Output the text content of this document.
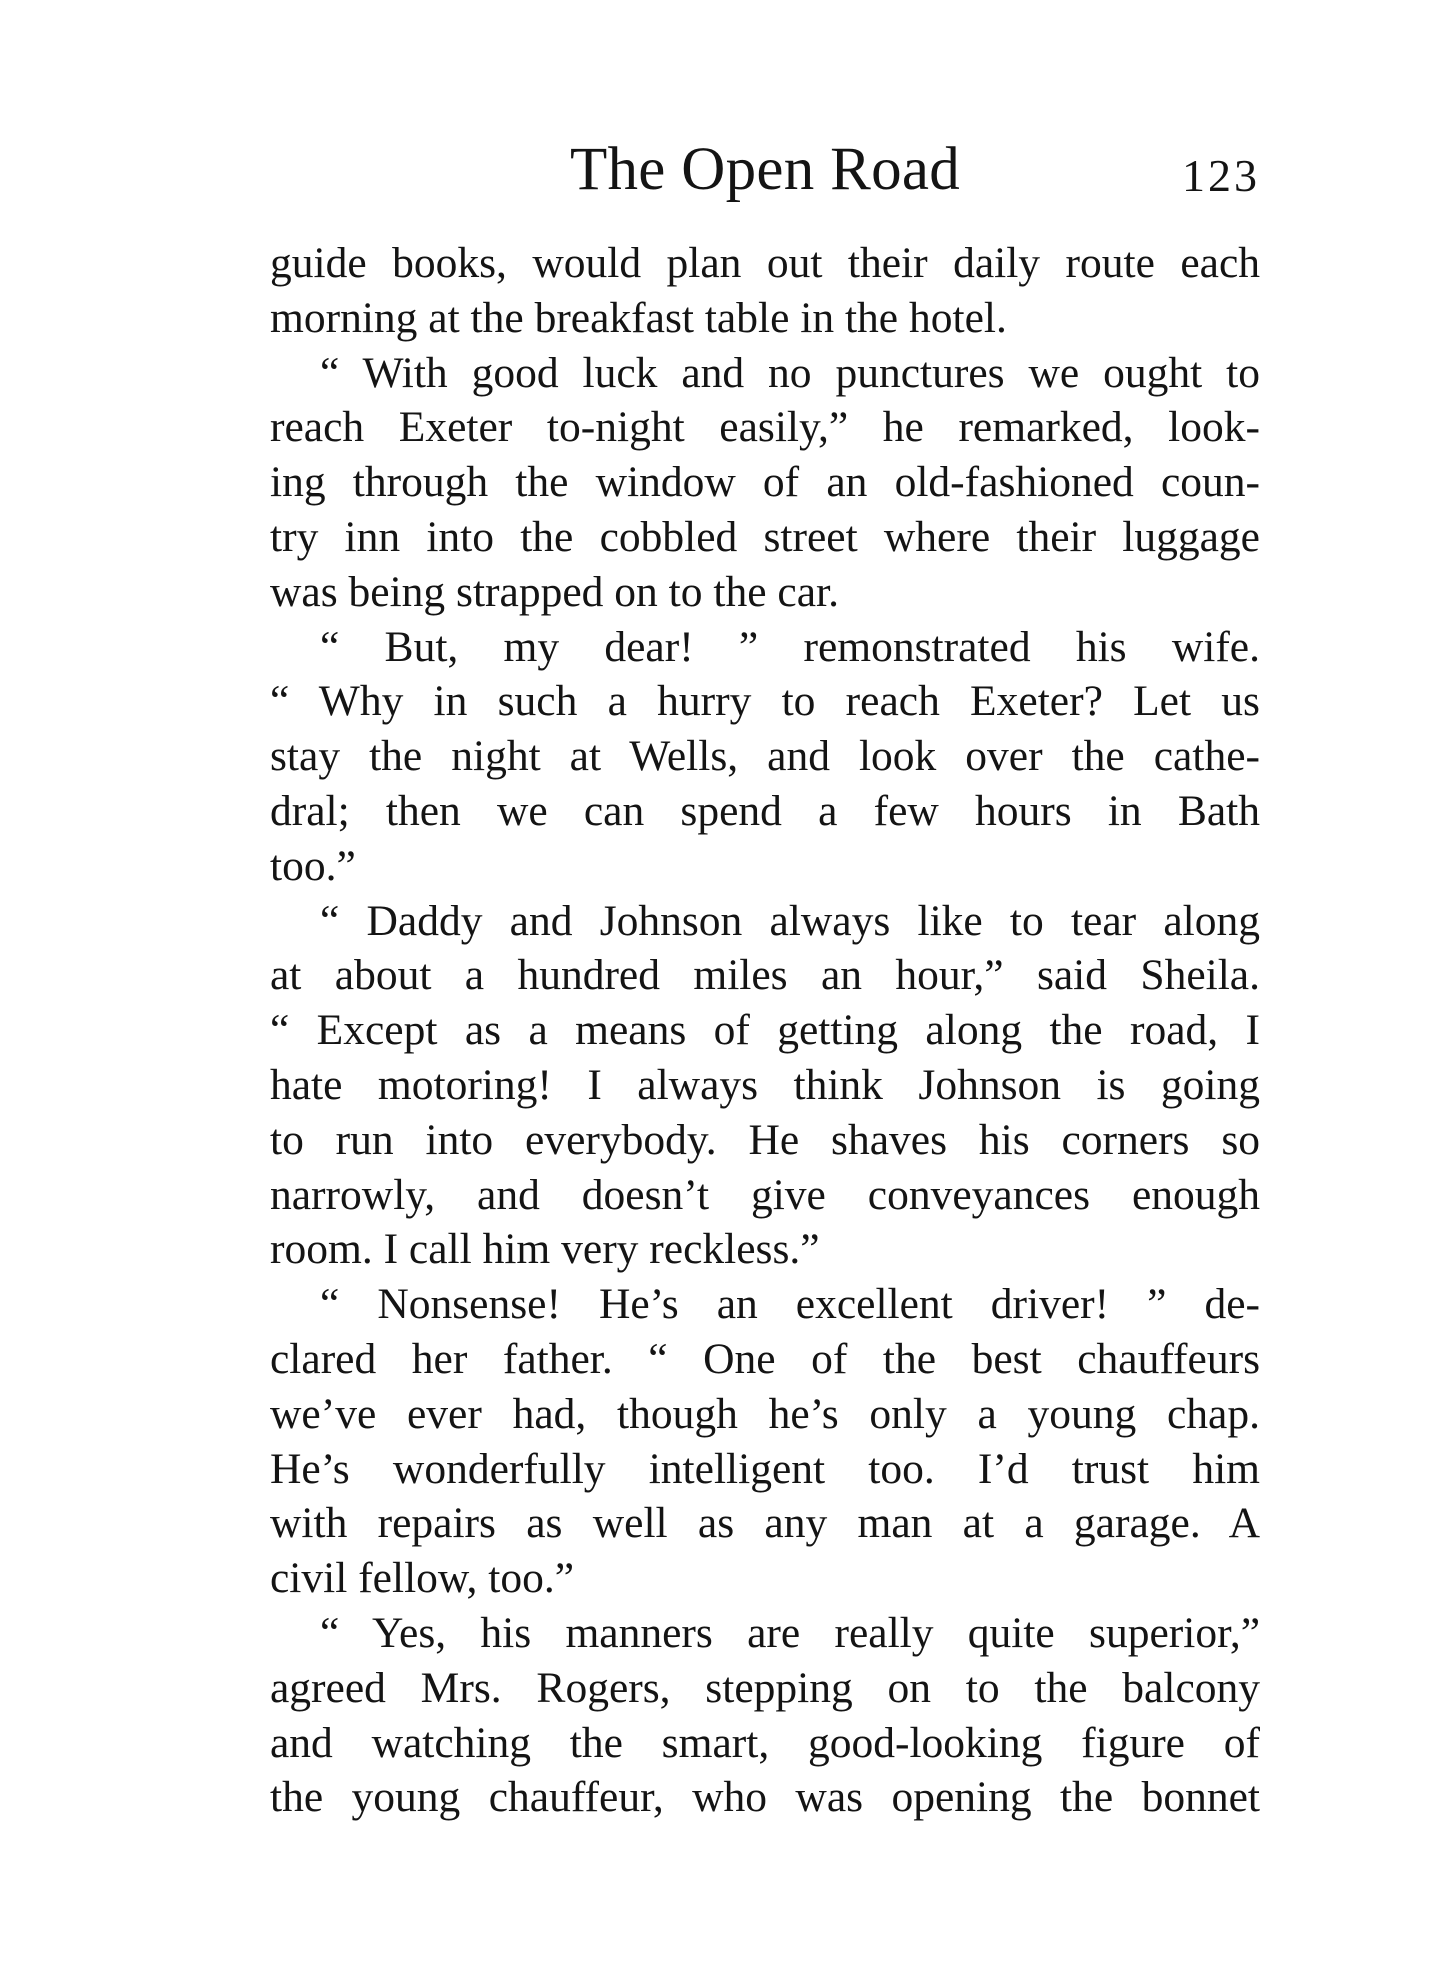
The Open Road	123
guide books, would plan out their daily route each
morning at the breakfast table in the hotel.
“ With good luck and no punctures we ought to
reach Exeter to-night easily,” he remarked, look-
ing through the window of an old-fashioned coun-
try inn into the cobbled street where their luggage
was being strapped on to the car.
“ But, my dear! ” remonstrated his wife.
“ Why in such a hurry to reach Exeter? Let us
stay the night at Wells, and look over the cathe-
dral; then we can spend a few hours in Bath
too.”
“ Daddy and Johnson always like to tear along
at about a hundred miles an hour,” said Sheila.
“ Except as a means of getting along the road, I
hate motoring! I always think Johnson is going
to run into everybody. He shaves his corners so
narrowly, and doesn’t give conveyances enough
room. I call him very reckless.”
“ Nonsense! He’s an excellent driver! ” de-
clared her father. “ One of the best chauffeurs
we’ve ever had, though he’s only a young chap.
He’s wonderfully intelligent too. I’d trust him
with repairs as well as any man at a garage. A
civil fellow, too.”
“ Yes, his manners are really quite superior,”
agreed Mrs. Rogers, stepping on to the balcony
and watching the smart, good-looking figure of
the young chauffeur, who was opening the bonnet
